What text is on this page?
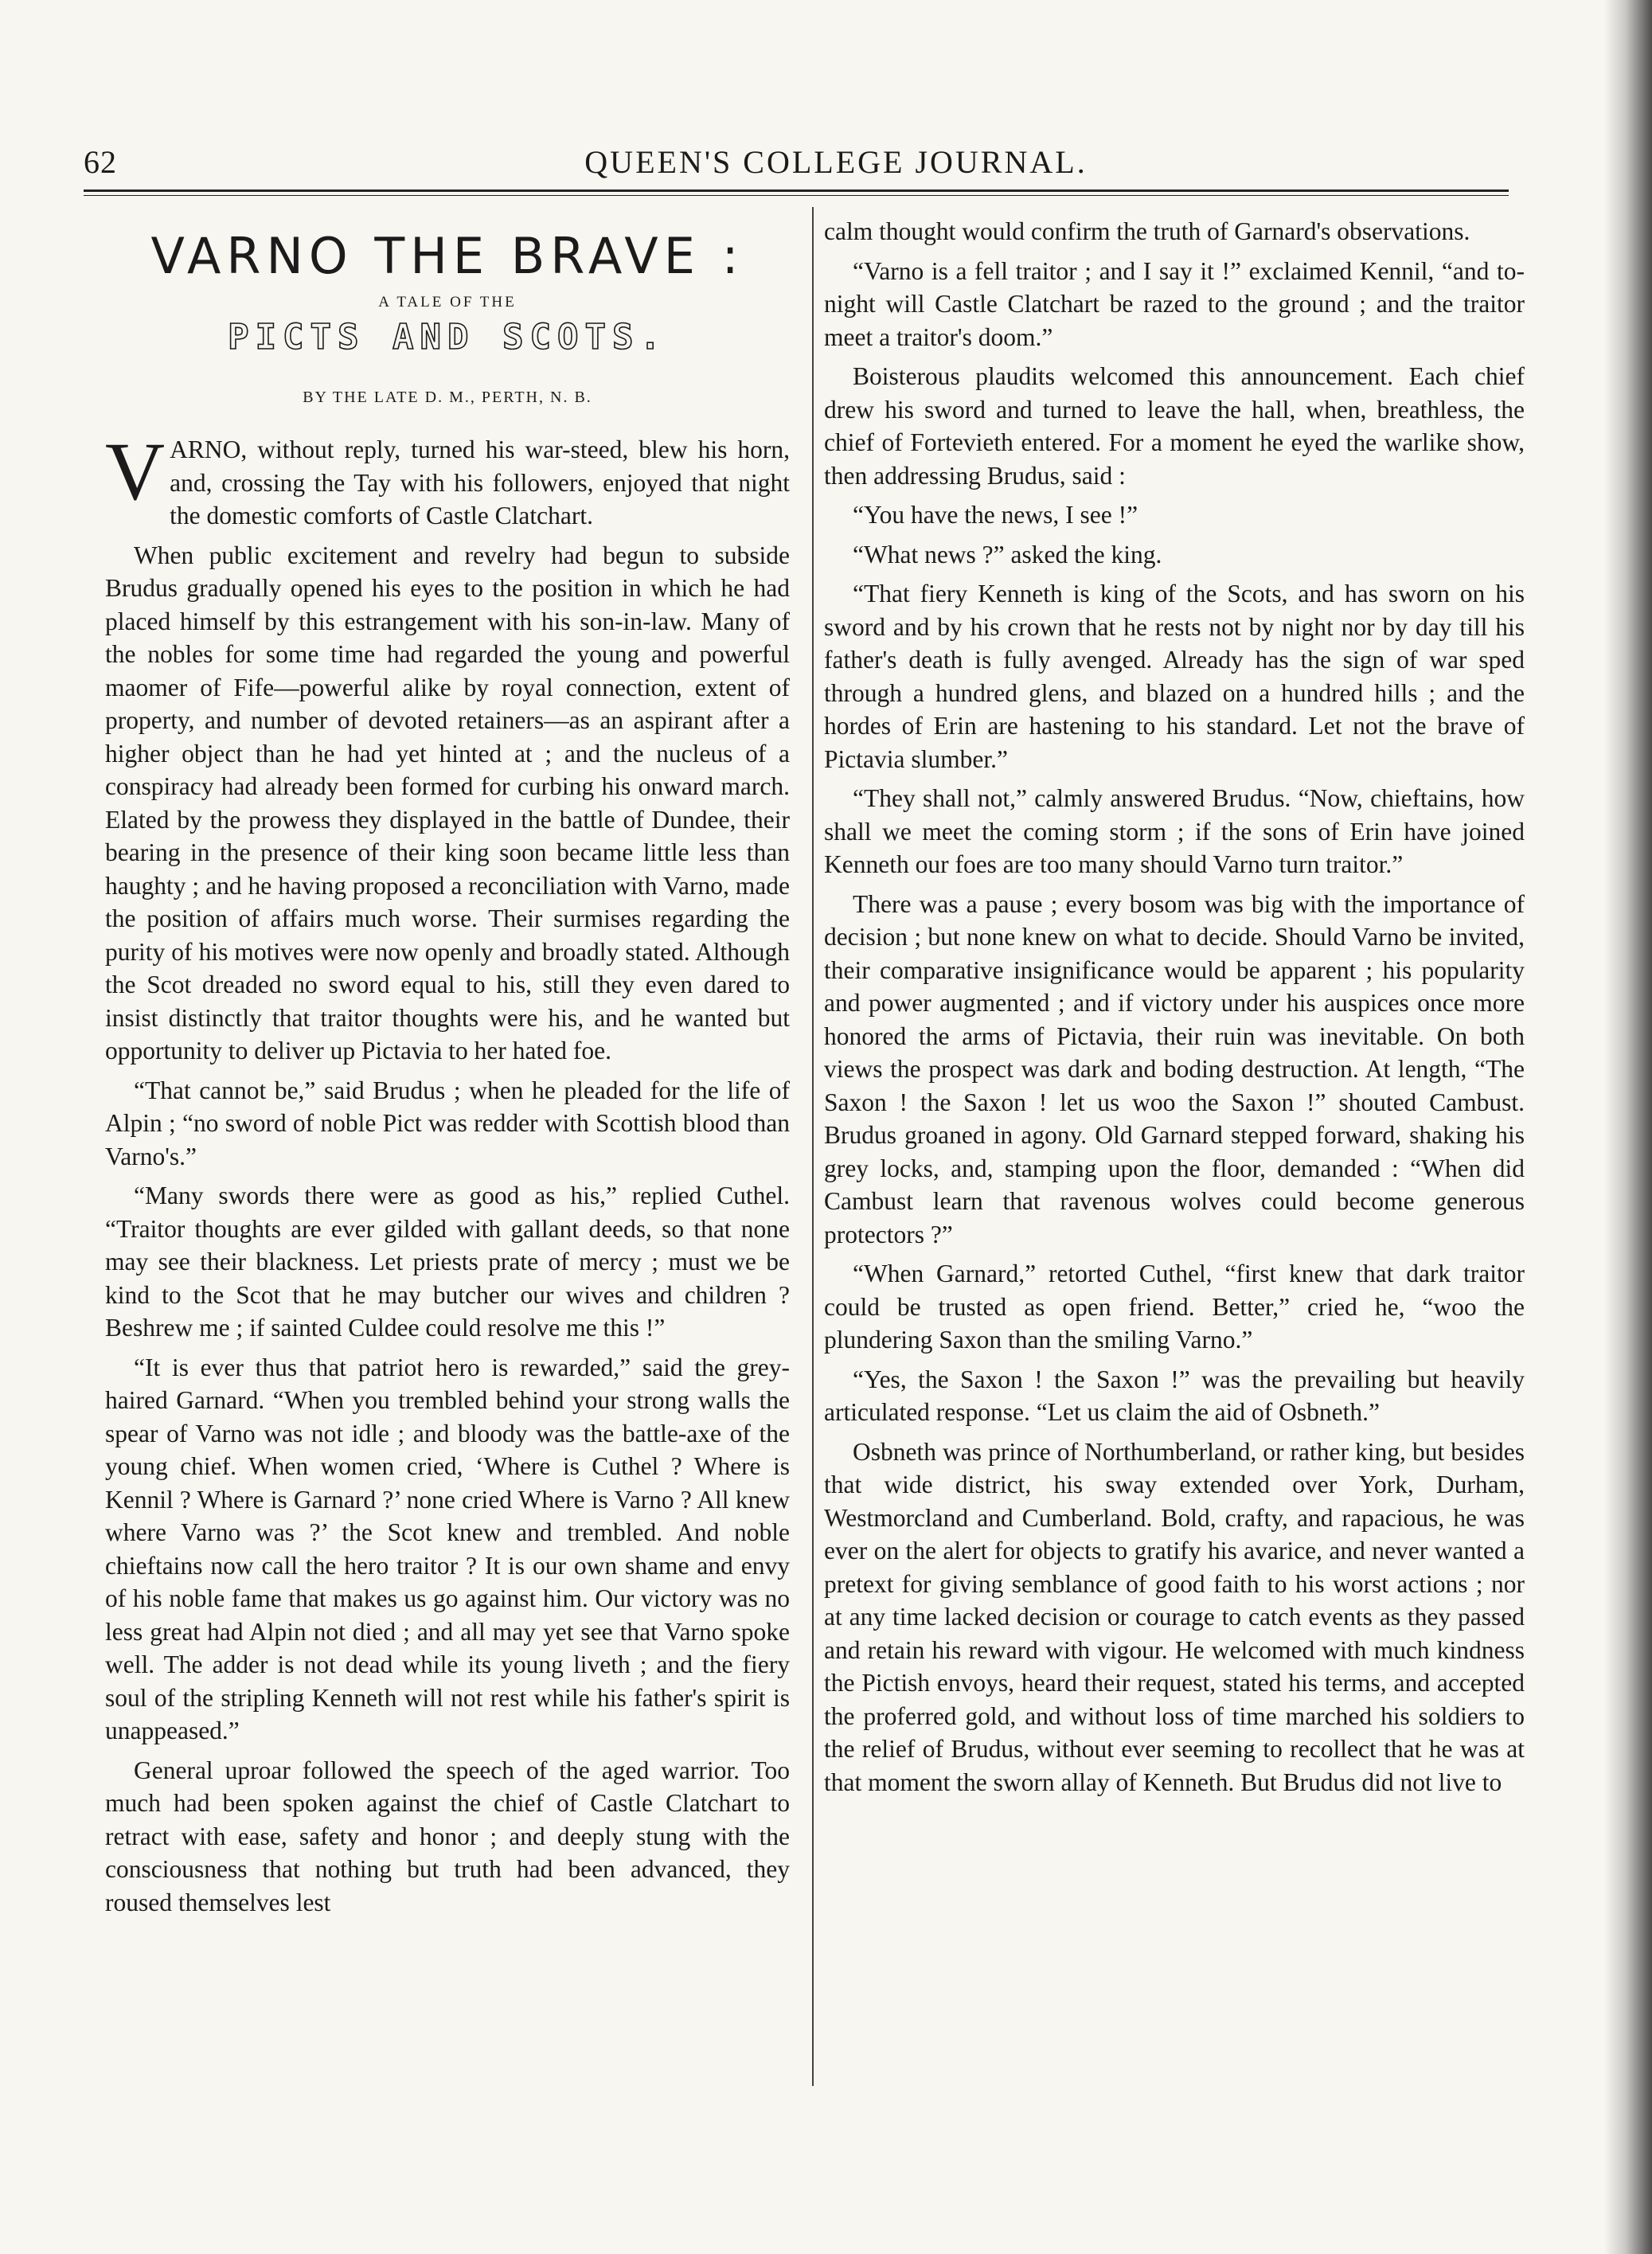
62	QUEEN'S COLLEGE JOURNAL.
VARNO THE BRAVE :
A TALE OF THE
PICTS AND SCOTS.
BY THE LATE D. M., PERTH, N. B.

VARNO, without reply, turned his war-steed, blew his horn, and, crossing the Tay with his followers, enjoyed that night the domestic comforts of Castle Clatchart.

When public excitement and revelry had begun to subside Brudus gradually opened his eyes to the position in which he had placed himself by this estrangement with his son-in-law. Many of the nobles for some time had regarded the young and powerful maomer of Fife—powerful alike by royal connection, extent of property, and number of devoted retainers—as an aspirant after a higher object than he had yet hinted at ; and the nucleus of a conspiracy had already been formed for curbing his onward march. Elated by the prowess they displayed in the battle of Dundee, their bearing in the presence of their king soon became little less than haughty ; and he having proposed a reconciliation with Varno, made the position of affairs much worse. Their surmises regarding the purity of his motives were now openly and broadly stated. Although the Scot dreaded no sword equal to his, still they even dared to insist distinctly that traitor thoughts were his, and he wanted but opportunity to deliver up Pictavia to her hated foe.

“That cannot be,” said Brudus ; when he pleaded for the life of Alpin ; “no sword of noble Pict was redder with Scottish blood than Varno's.”

“Many swords there were as good as his,” replied Cuthel. “Traitor thoughts are ever gilded with gallant deeds, so that none may see their blackness. Let priests prate of mercy ; must we be kind to the Scot that he may butcher our wives and children ? Beshrew me ; if sainted Culdee could resolve me this !”

“It is ever thus that patriot hero is rewarded,” said the grey-haired Garnard. “When you trembled behind your strong walls the spear of Varno was not idle ; and bloody was the battle-axe of the young chief. When women cried, ‘Where is Cuthel ? Where is Kennil ? Where is Garnard ?’ none cried Where is Varno ? All knew where Varno was ?’ the Scot knew and trembled. And noble chieftains now call the hero traitor ? It is our own shame and envy of his noble fame that makes us go against him. Our victory was no less great had Alpin not died ; and all may yet see that Varno spoke well. The adder is not dead while its young liveth ; and the fiery soul of the stripling Kenneth will not rest while his father's spirit is unappeased.”

General uproar followed the speech of the aged warrior. Too much had been spoken against the chief of Castle Clatchart to retract with ease, safety and honor ; and deeply stung with the consciousness that nothing but truth had been advanced, they roused themselves lest

calm thought would confirm the truth of Garnard's observations.

“Varno is a fell traitor ; and I say it !” exclaimed Kennil, “and to-night will Castle Clatchart be razed to the ground ; and the traitor meet a traitor's doom.”

Boisterous plaudits welcomed this announcement. Each chief drew his sword and turned to leave the hall, when, breathless, the chief of Fortevieth entered. For a moment he eyed the warlike show, then addressing Brudus, said :

“You have the news, I see !”

“What news ?” asked the king.

“That fiery Kenneth is king of the Scots, and has sworn on his sword and by his crown that he rests not by night nor by day till his father's death is fully avenged. Already has the sign of war sped through a hundred glens, and blazed on a hundred hills ; and the hordes of Erin are hastening to his standard. Let not the brave of Pictavia slumber.”

“They shall not,” calmly answered Brudus. “Now, chieftains, how shall we meet the coming storm ; if the sons of Erin have joined Kenneth our foes are too many should Varno turn traitor.”

There was a pause ; every bosom was big with the importance of decision ; but none knew on what to decide. Should Varno be invited, their comparative insignificance would be apparent ; his popularity and power augmented ; and if victory under his auspices once more honored the arms of Pictavia, their ruin was inevitable. On both views the prospect was dark and boding destruction. At length, “The Saxon ! the Saxon ! let us woo the Saxon !” shouted Cambust. Brudus groaned in agony. Old Garnard stepped forward, shaking his grey locks, and, stamping upon the floor, demanded : “When did Cambust learn that ravenous wolves could become generous protectors ?”

“When Garnard,” retorted Cuthel, “first knew that dark traitor could be trusted as open friend. Better,” cried he, “woo the plundering Saxon than the smiling Varno.”

“Yes, the Saxon ! the Saxon !” was the prevailing but heavily articulated response. “Let us claim the aid of Osbneth.”

Osbneth was prince of Northumberland, or rather king, but besides that wide district, his sway extended over York, Durham, Westmorcland and Cumberland. Bold, crafty, and rapacious, he was ever on the alert for objects to gratify his avarice, and never wanted a pretext for giving semblance of good faith to his worst actions ; nor at any time lacked decision or courage to catch events as they passed and retain his reward with vigour. He welcomed with much kindness the Pictish envoys, heard their request, stated his terms, and accepted the proferred gold, and without loss of time marched his soldiers to the relief of Brudus, without ever seeming to recollect that he was at that moment the sworn allay of Kenneth. But Brudus did not live to
